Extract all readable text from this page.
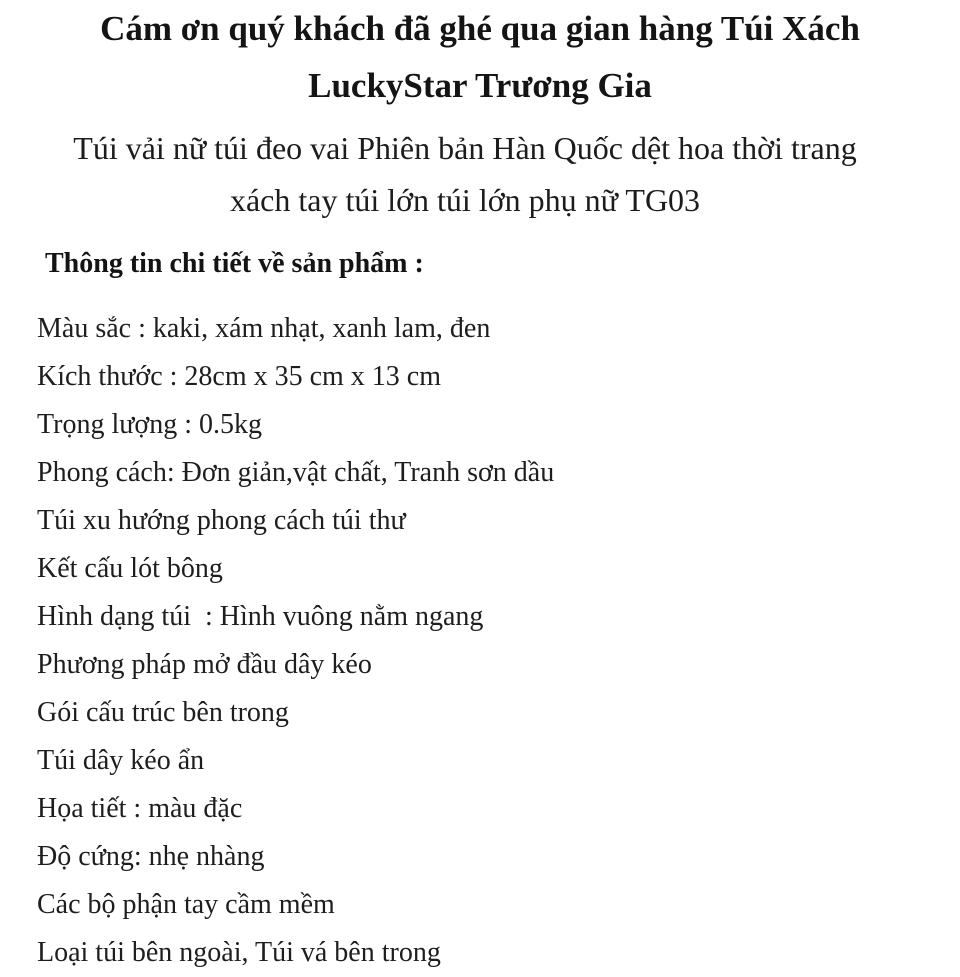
Cám ơn quý khách đã ghé qua gian hàng Túi Xách
LuckyStar Trương Gia
Túi vải nữ túi đeo vai Phiên bản Hàn Quốc dệt hoa thời trang
xách tay túi lớn túi lớn phụ nữ TG03
Thông tin chi tiết về sản phẩm :
Màu sắc : kaki, xám nhạt, xanh lam, đen
Kích thước : 28cm x 35 cm x 13 cm
Trọng lượng : 0.5kg
Phong cách: Đơn giản,vật chất, Tranh sơn dầu
Túi xu hướng phong cách túi thư
Kết cấu lót bông
Hình dạng túi  : Hình vuông nằm ngang
Phương pháp mở đầu dây kéo
Gói cấu trúc bên trong
Túi dây kéo ẩn
Họa tiết : màu đặc
Độ cứng: nhẹ nhàng
Các bộ phận tay cầm mềm
Loại túi bên ngoài, Túi vá bên trong
